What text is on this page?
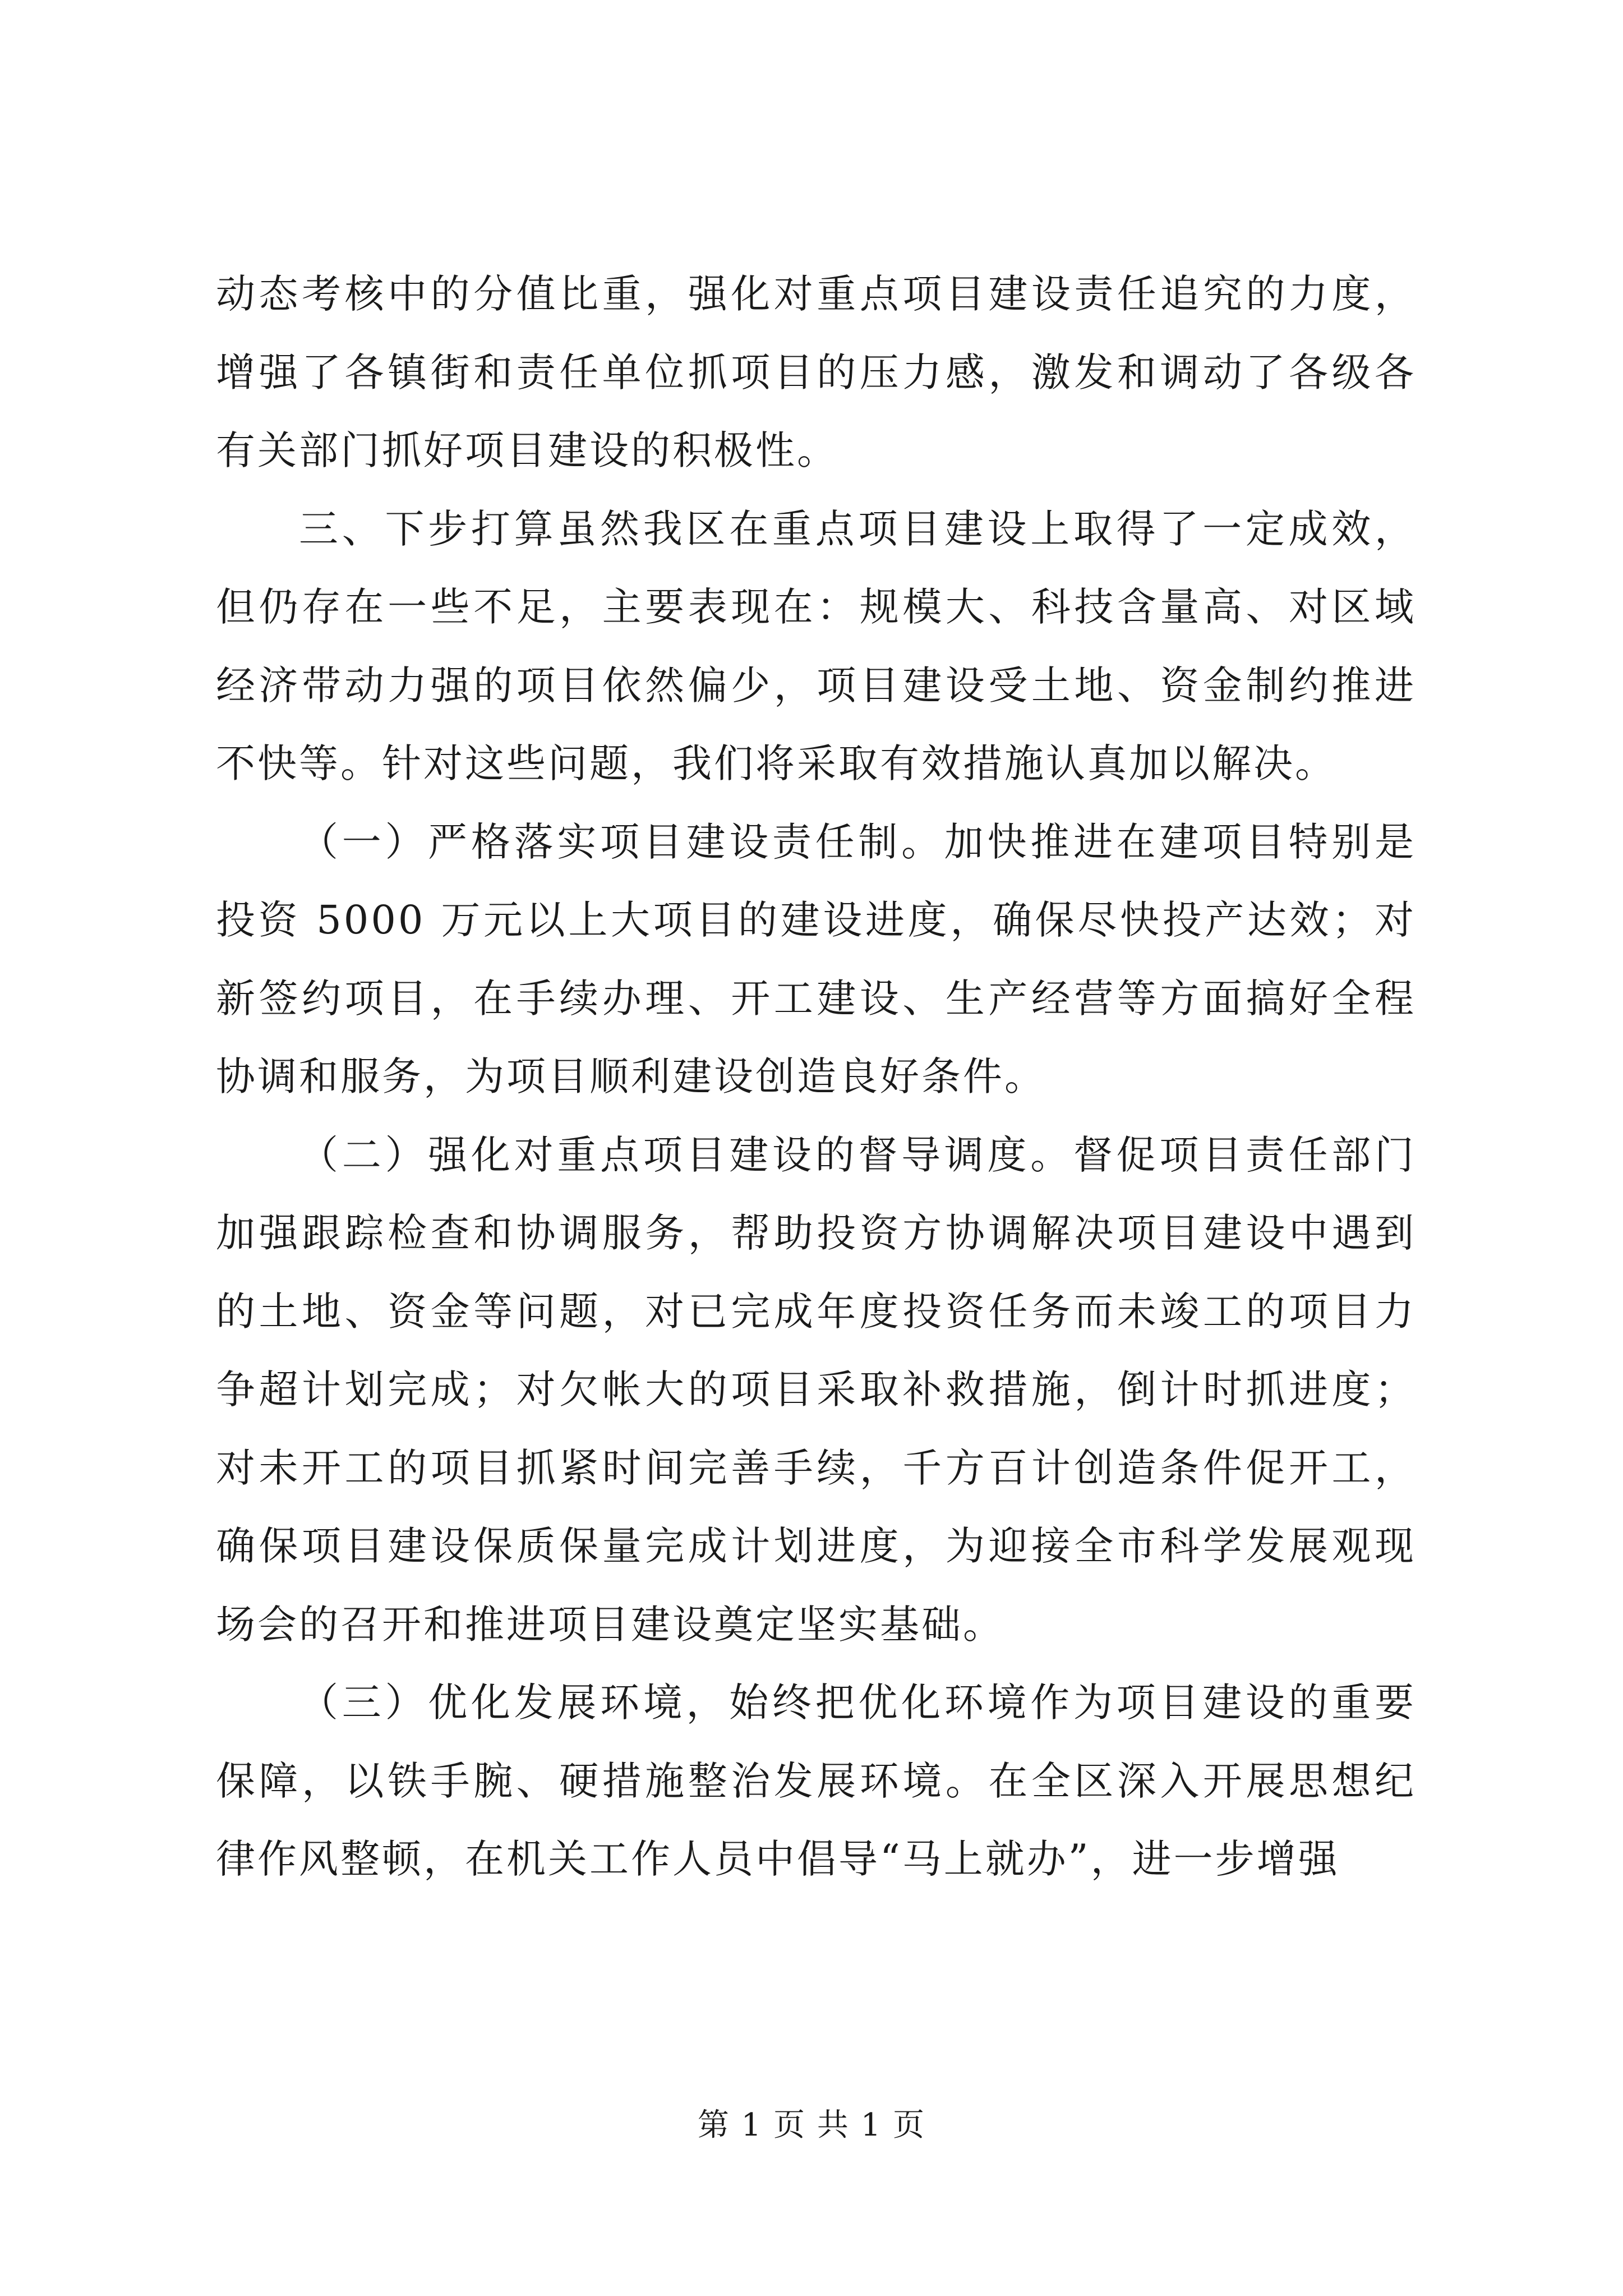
动态考核中的分值比重，强化对重点项目建设责任追究的力度，增强了各镇街和责任单位抓项目的压力感，激发和调动了各级各有关部门抓好项目建设的积极性。

三、下步打算虽然我区在重点项目建设上取得了一定成效，但仍存在一些不足，主要表现在：规模大、科技含量高、对区域经济带动力强的项目依然偏少，项目建设受土地、资金制约推进不快等。针对这些问题，我们将采取有效措施认真加以解决。

（一）严格落实项目建设责任制。加快推进在建项目特别是投资 5000 万元以上大项目的建设进度，确保尽快投产达效；对新签约项目，在手续办理、开工建设、生产经营等方面搞好全程协调和服务，为项目顺利建设创造良好条件。

（二）强化对重点项目建设的督导调度。督促项目责任部门加强跟踪检查和协调服务，帮助投资方协调解决项目建设中遇到的土地、资金等问题，对已完成年度投资任务而未竣工的项目力争超计划完成；对欠帐大的项目采取补救措施，倒计时抓进度；对未开工的项目抓紧时间完善手续，千方百计创造条件促开工，确保项目建设保质保量完成计划进度，为迎接全市科学发展观现场会的召开和推进项目建设奠定坚实基础。

（三）优化发展环境，始终把优化环境作为项目建设的重要保障，以铁手腕、硬措施整治发展环境。在全区深入开展思想纪律作风整顿，在机关工作人员中倡导“马上就办”，进一步增强

第 1 页 共 1 页
